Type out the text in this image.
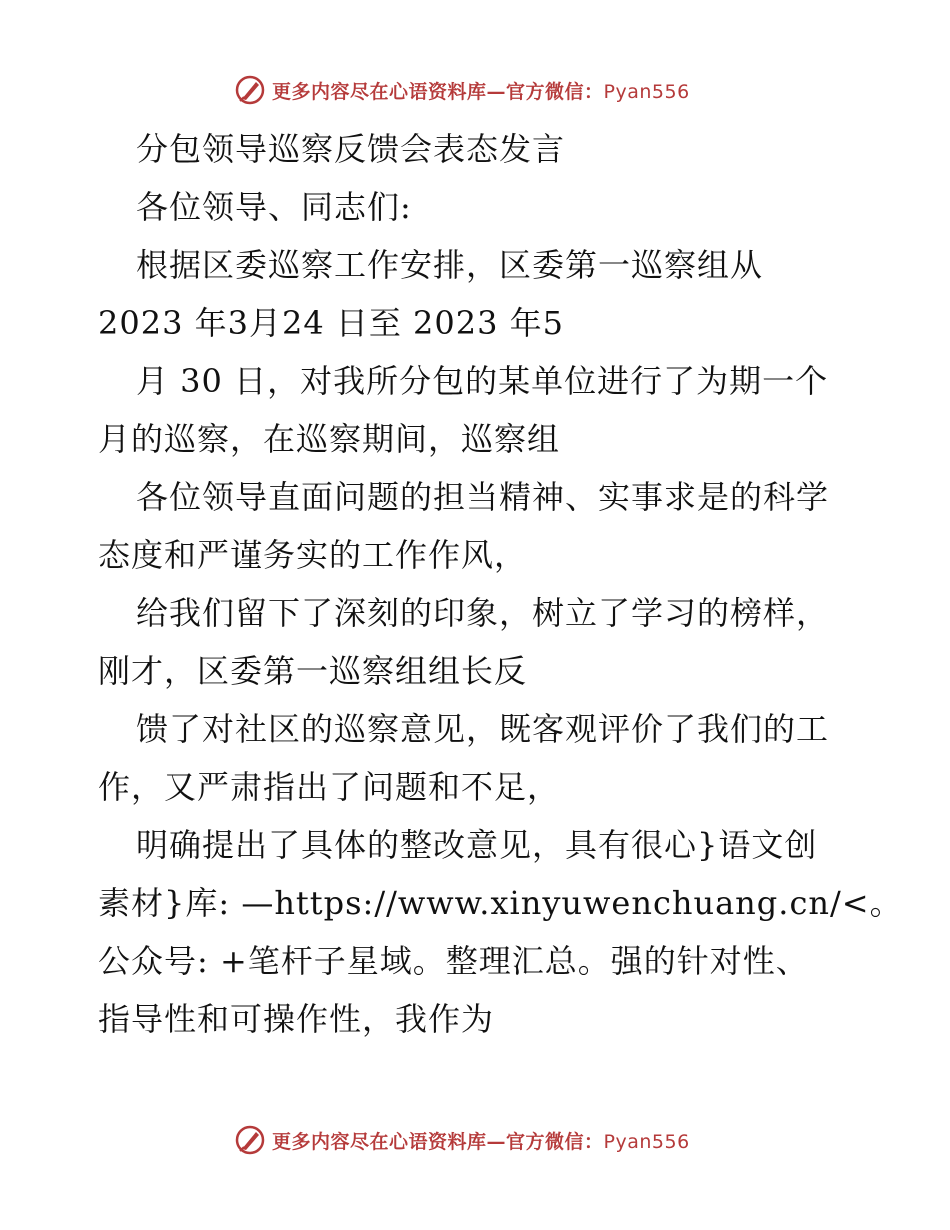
更多内容尽在心语资料库—官方微信：Pyan556
分包领导巡察反馈会表态发言
各位领导、同志们:
根据区委巡察工作安排，区委第一巡察组从
2023 年3月24 日至 2023 年5
月 30 日，对我所分包的某单位进行了为期一个
月的巡察，在巡察期间，巡察组
各位领导直面问题的担当精神、实事求是的科学
态度和严谨务实的工作作风，
给我们留下了深刻的印象，树立了学习的榜样，
刚才，区委第一巡察组组长反
馈了对社区的巡察意见，既客观评价了我们的工
作，又严肃指出了问题和不足，
明确提出了具体的整改意见，具有很心}语文创
素材}库: —https://www.xinyuwenchuang.cn/<。
公众号: +笔杆子星域。整理汇总。强的针对性、
指导性和可操作性，我作为
更多内容尽在心语资料库—官方微信：Pyan556
